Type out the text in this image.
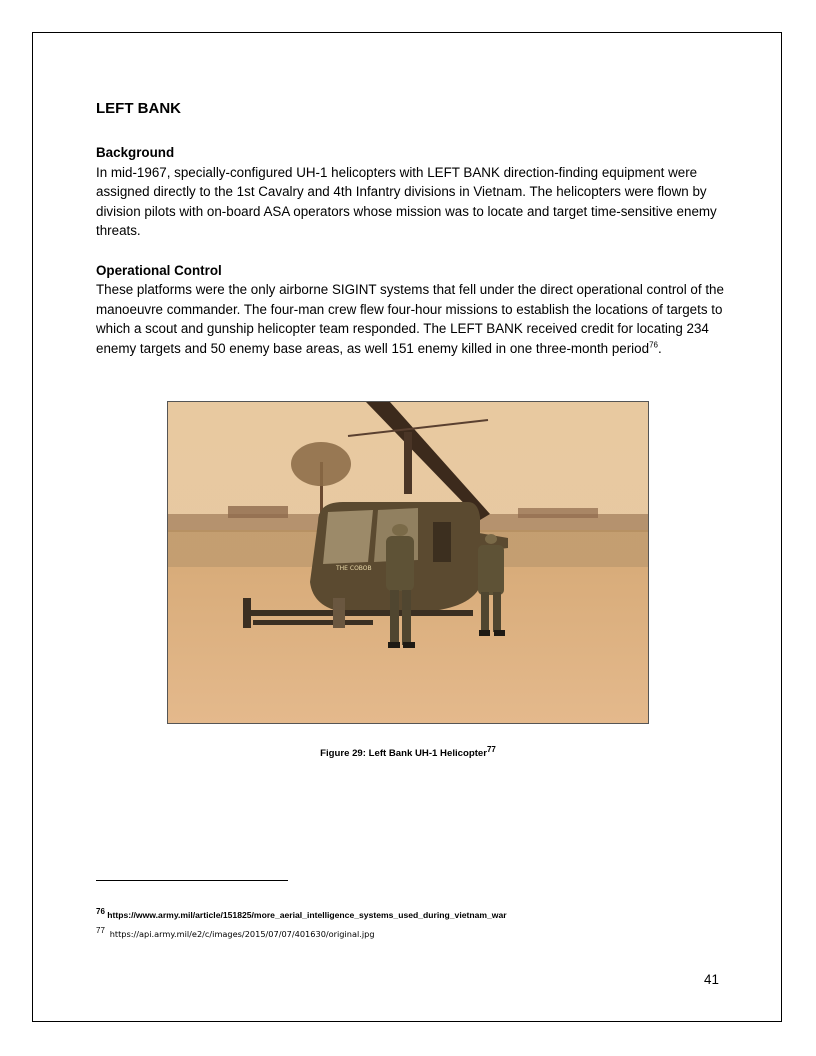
LEFT BANK

Background

In mid-1967, specially-configured UH-1 helicopters with LEFT BANK direction-finding equipment were assigned directly to the 1st Cavalry and 4th Infantry divisions in Vietnam. The helicopters were flown by division pilots with on-board ASA operators whose mission was to locate and target time-sensitive enemy threats.

Operational Control

These platforms were the only airborne SIGINT systems that fell under the direct operational control of the manoeuvre commander. The four-man crew flew four-hour missions to establish the locations of targets to which a scout and gunship helicopter team responded. The LEFT BANK received credit for locating 234 enemy targets and 50 enemy base areas, as well 151 enemy killed in one three-month period$^{76}$.

THE COBOB
Figure 29: Left Bank UH-1 Helicopter$^{77}$
$^{76}$ https://www.army.mil/article/151825/more_aerial_intelligence_systems_used_during_vietnam_war
$^{77}$ https://api.army.mil/e2/c/images/2015/07/07/401630/original.jpg
41
